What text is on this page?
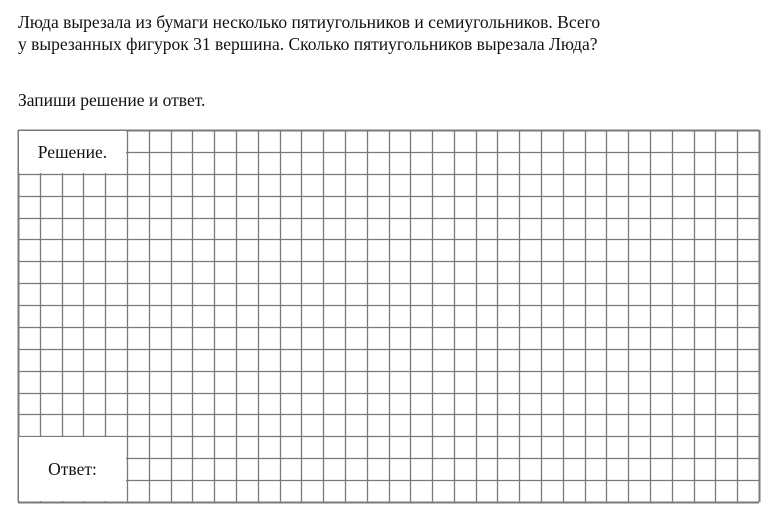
Люда вырезала из бумаги несколько пятиугольников и семиугольников. Всего
у вырезанных фигурок 31 вершина. Сколько пятиугольников вырезала Люда?

Запиши решение и ответ.

Решение.
Ответ:
